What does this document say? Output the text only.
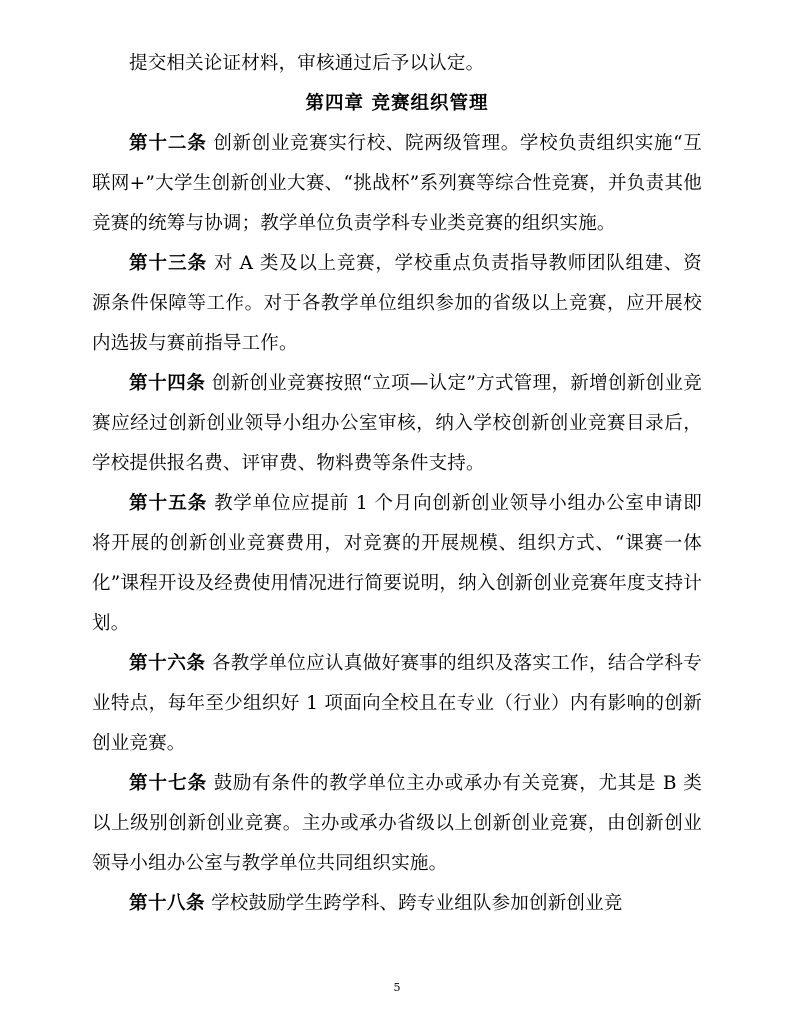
提交相关论证材料，审核通过后予以认定。

第四章 竞赛组织管理

第十二条 创新创业竞赛实行校、院两级管理。学校负责组织实施“互联网+”大学生创新创业大赛、“挑战杯”系列赛等综合性竞赛，并负责其他竞赛的统筹与协调；教学单位负责学科专业类竞赛的组织实施。

第十三条 对 A 类及以上竞赛，学校重点负责指导教师团队组建、资源条件保障等工作。对于各教学单位组织参加的省级以上竞赛，应开展校内选拔与赛前指导工作。

第十四条 创新创业竞赛按照“立项—认定”方式管理，新增创新创业竞赛应经过创新创业领导小组办公室审核，纳入学校创新创业竞赛目录后，学校提供报名费、评审费、物料费等条件支持。

第十五条 教学单位应提前 1 个月向创新创业领导小组办公室申请即将开展的创新创业竞赛费用，对竞赛的开展规模、组织方式、“课赛一体化”课程开设及经费使用情况进行简要说明，纳入创新创业竞赛年度支持计划。

第十六条 各教学单位应认真做好赛事的组织及落实工作，结合学科专业特点，每年至少组织好 1 项面向全校且在专业（行业）内有影响的创新创业竞赛。

第十七条 鼓励有条件的教学单位主办或承办有关竞赛，尤其是 B 类以上级别创新创业竞赛。主办或承办省级以上创新创业竞赛，由创新创业领导小组办公室与教学单位共同组织实施。

第十八条 学校鼓励学生跨学科、跨专业组队参加创新创业竞

5
